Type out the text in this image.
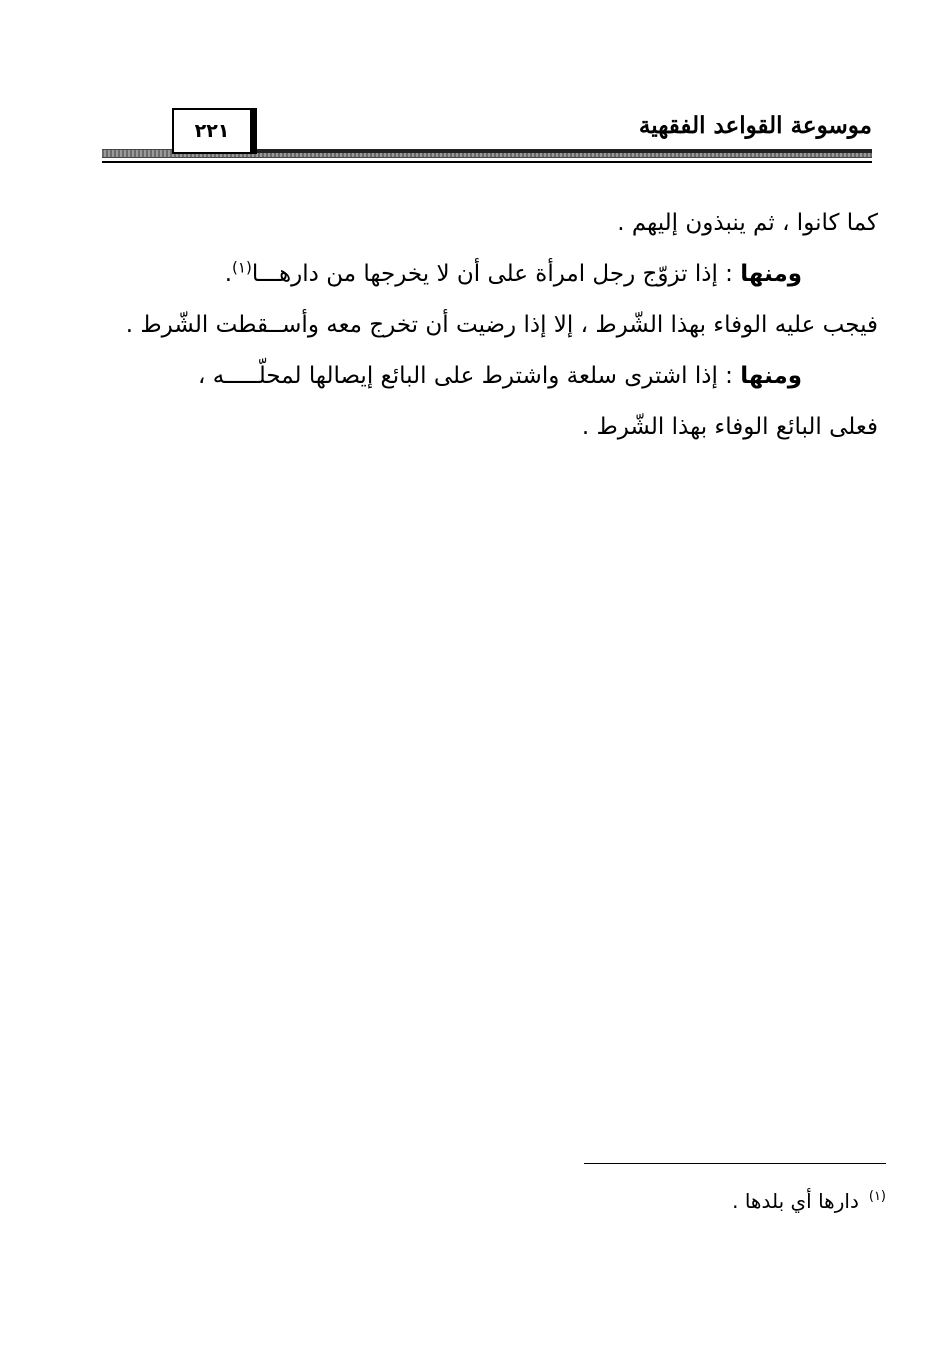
موسوعة القواعد الفقهية
٢٢١

كما كانوا ، ثم ينبذون إليهم .

ومنها : إذا تزوّج رجل امرأة على أن لا يخرجها من دارهـــا$^{(١)}$.

فيجب عليه الوفاء بهذا الشّرط ، إلا إذا رضيت أن تخرج معه وأســقطت الشّرط .

ومنها : إذا اشترى سلعة واشترط على البائع إيصالها لمحلّـــــه ،

فعلى البائع الوفاء بهذا الشّرط .

$^{(١)}$دارها أي بلدها .
